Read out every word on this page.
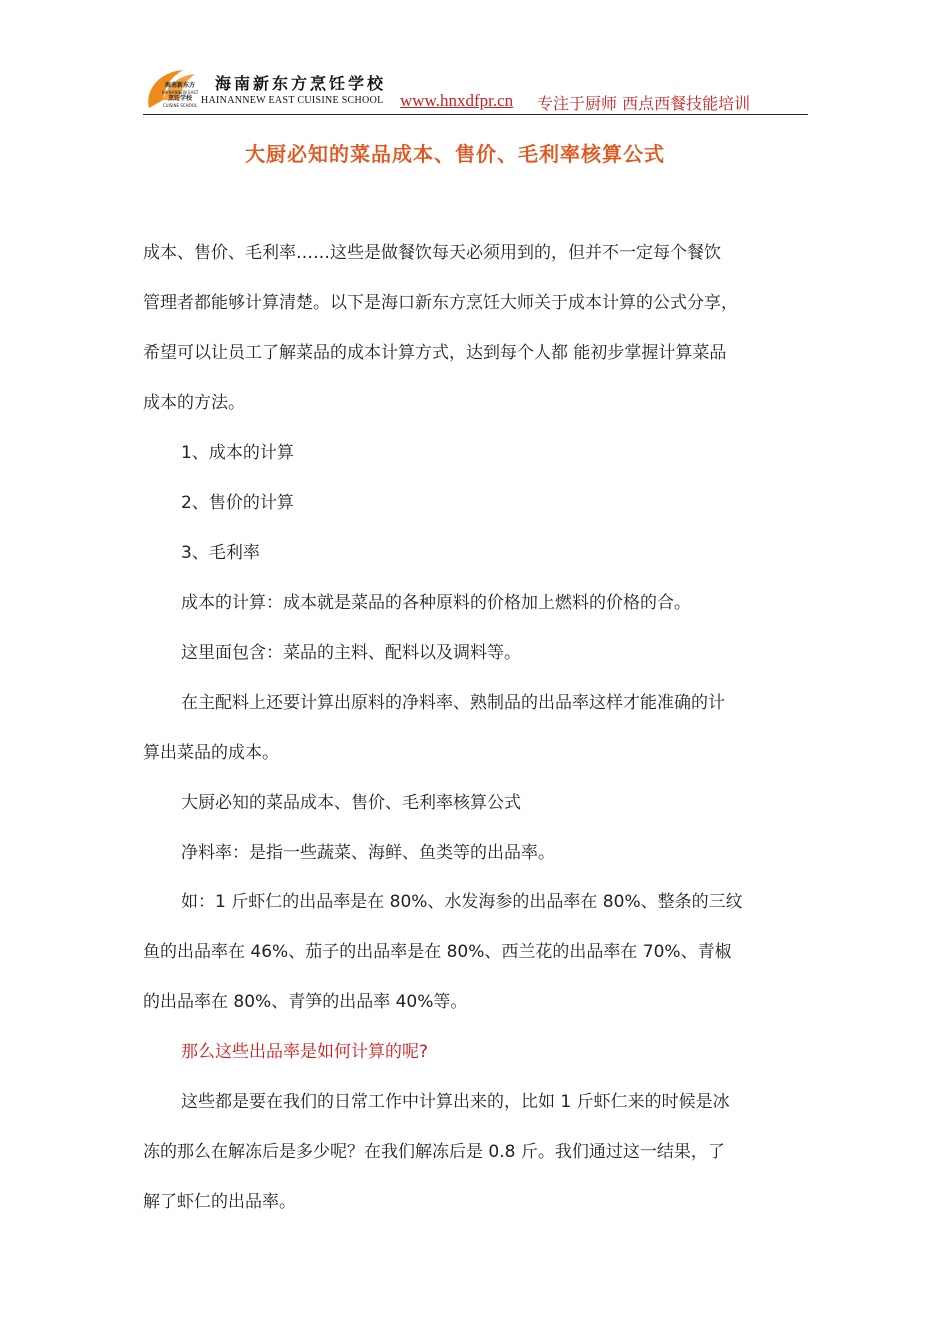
海南新东方
HAINANNEW EAST
烹饪学校
CUISINE SCHOOL
海南新东方烹饪学校
HAINANNEW EAST CUISINE SCHOOL www.hnxdfpr.cn 专注于厨师 西点西餐技能培训
大厨必知的菜品成本、售价、毛利率核算公式
成本、售价、毛利率……这些是做餐饮每天必须用到的，但并不一定每个餐饮
管理者都能够计算清楚。以下是海口新东方烹饪大师关于成本计算的公式分享，
希望可以让员工了解菜品的成本计算方式，达到每个人都 能初步掌握计算菜品
成本的方法。
1、成本的计算
2、售价的计算
3、毛利率
成本的计算：成本就是菜品的各种原料的价格加上燃料的价格的合。
这里面包含：菜品的主料、配料以及调料等。
在主配料上还要计算出原料的净料率、熟制品的出品率这样才能准确的计
算出菜品的成本。
大厨必知的菜品成本、售价、毛利率核算公式
净料率：是指一些蔬菜、海鲜、鱼类等的出品率。
如：1 斤虾仁的出品率是在 80%、水发海参的出品率在 80%、整条的三纹
鱼的出品率在 46%、茄子的出品率是在 80%、西兰花的出品率在 70%、青椒
的出品率在 80%、青笋的出品率 40%等。
那么这些出品率是如何计算的呢?
这些都是要在我们的日常工作中计算出来的，比如 1 斤虾仁来的时候是冰
冻的那么在解冻后是多少呢？在我们解冻后是 0.8 斤。我们通过这一结果，了
解了虾仁的出品率。
